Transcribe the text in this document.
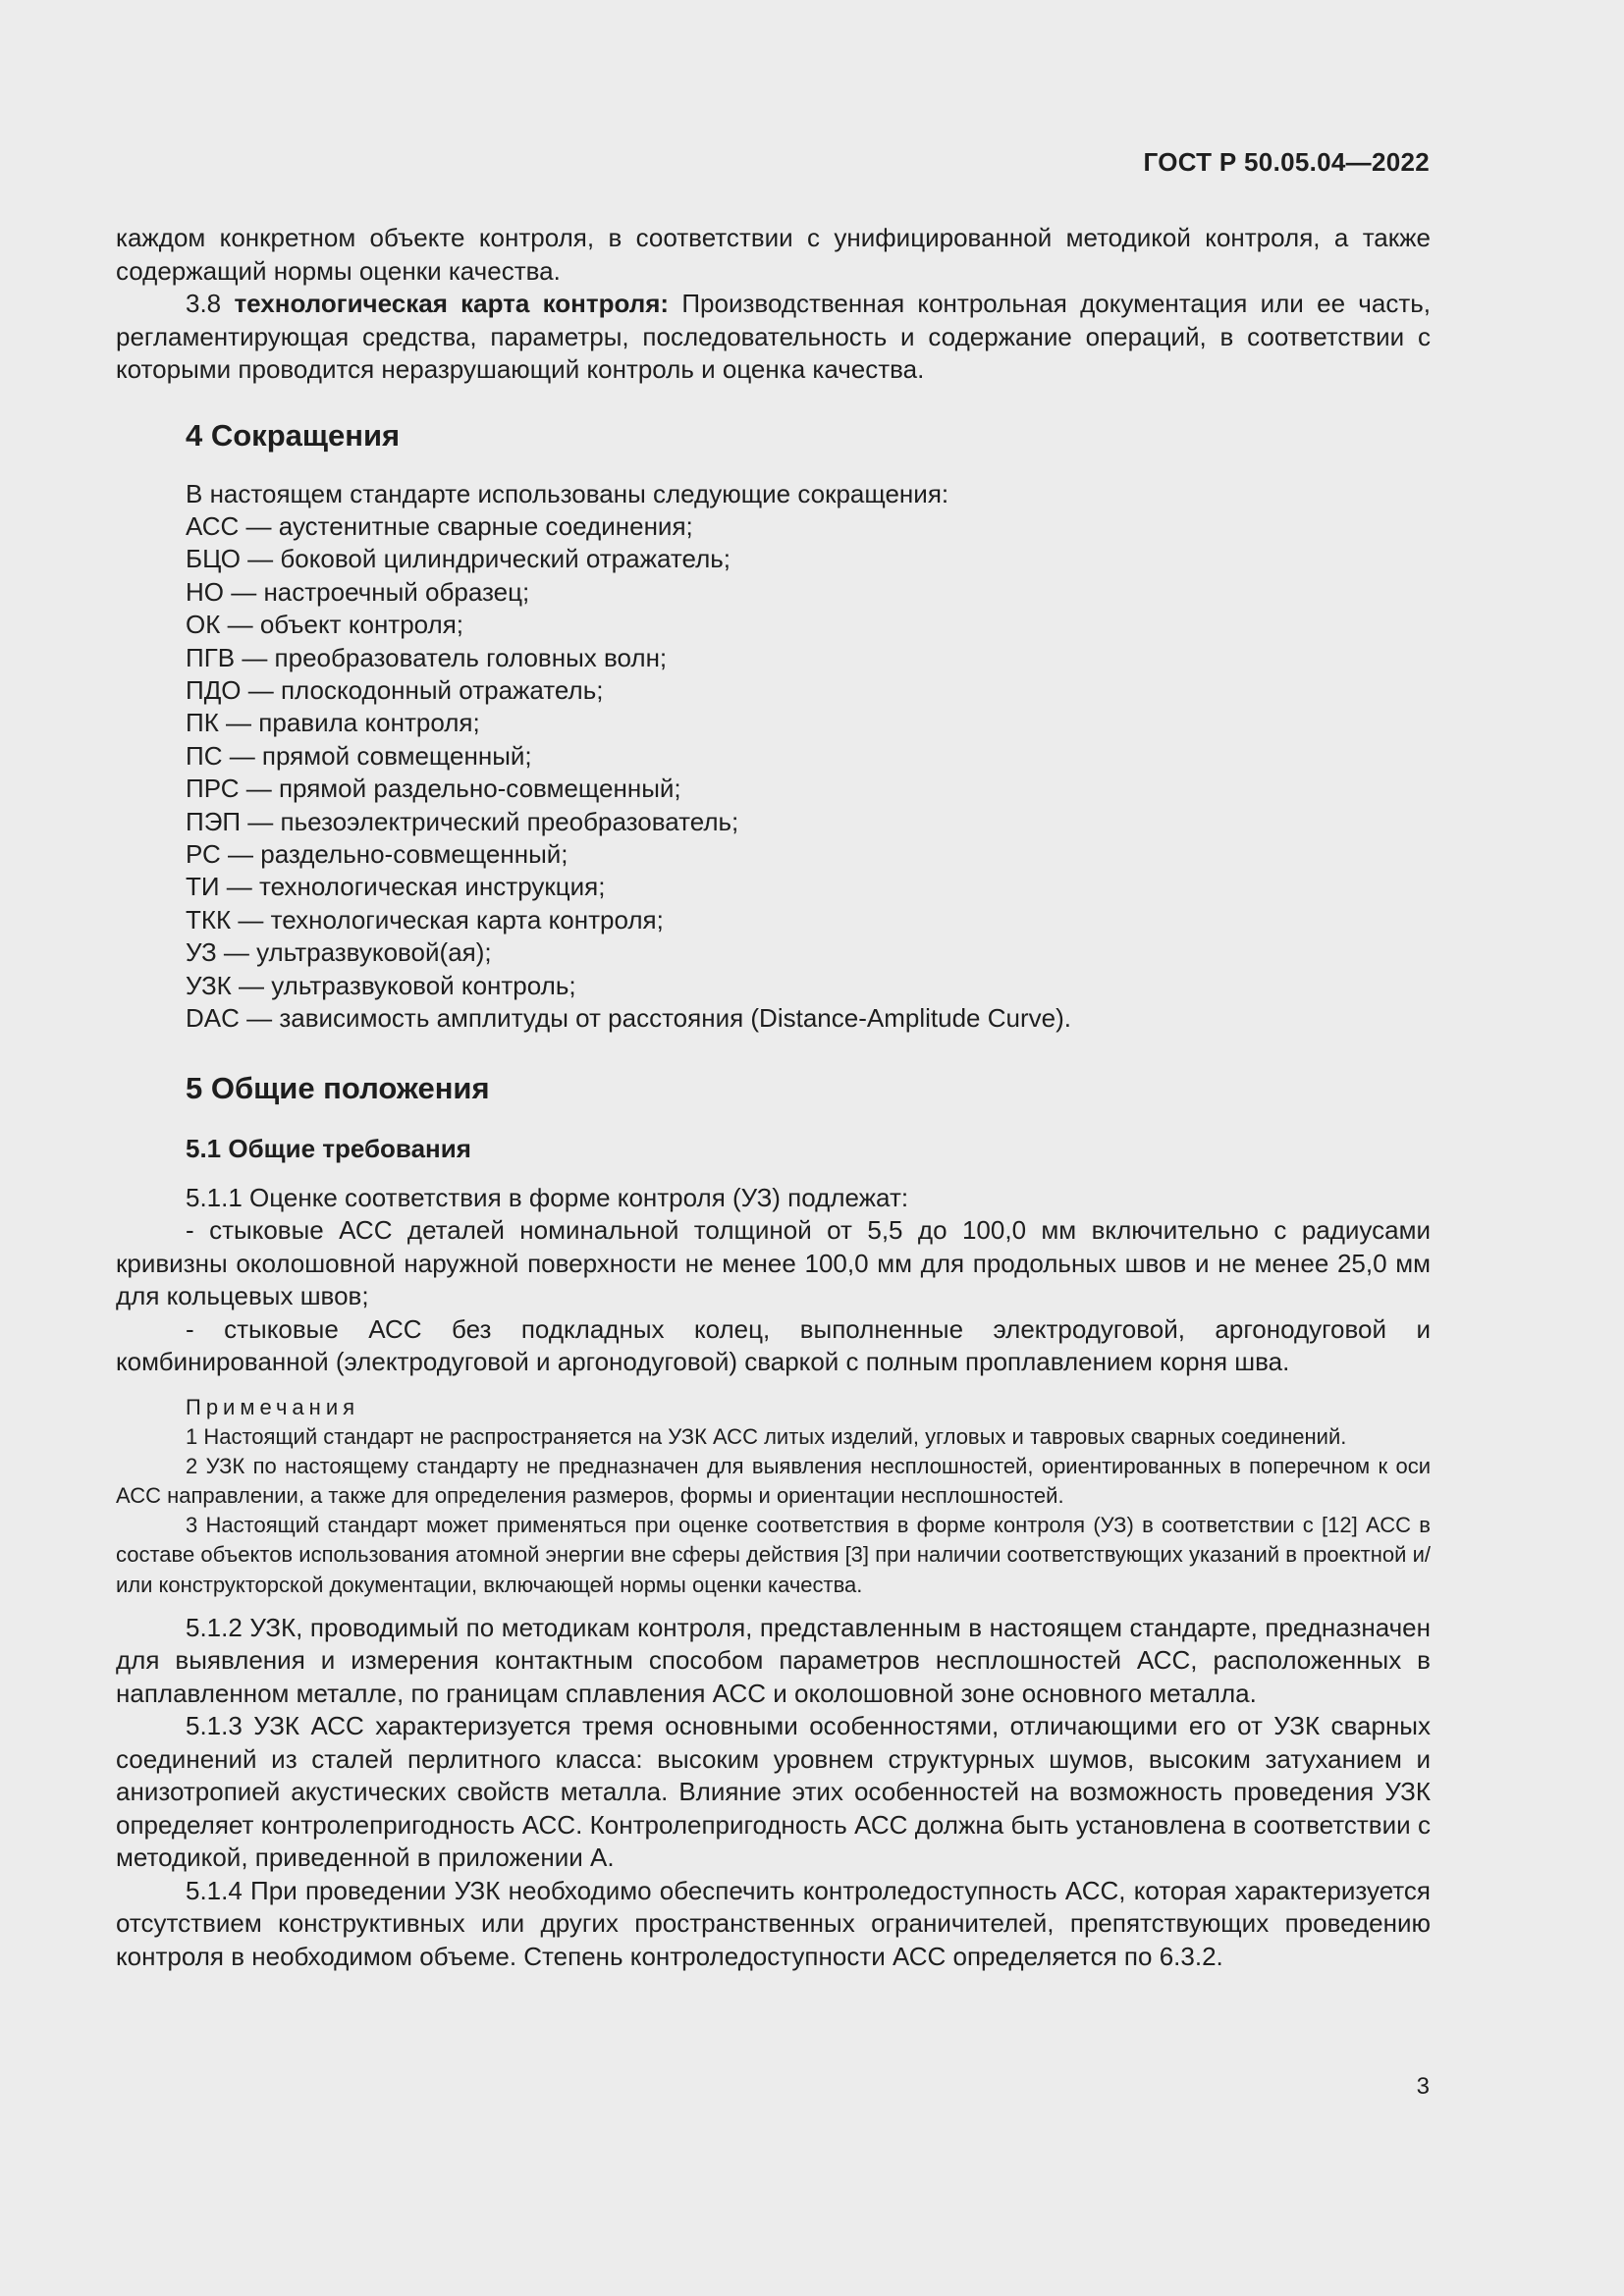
ГОСТ Р 50.05.04—2022

каждом конкретном объекте контроля, в соответствии с унифицированной методикой контроля, а также содержащий нормы оценки качества.

3.8 технологическая карта контроля: Производственная контрольная документация или ее часть, регламентирующая средства, параметры, последовательность и содержание операций, в соответствии с которыми проводится неразрушающий контроль и оценка качества.

4 Сокращения

В настоящем стандарте использованы следующие сокращения:

АСС — аустенитные сварные соединения;
БЦО — боковой цилиндрический отражатель;
НО — настроечный образец;
ОК — объект контроля;
ПГВ — преобразователь головных волн;
ПДО — плоскодонный отражатель;
ПК — правила контроля;
ПС — прямой совмещенный;
ПРС — прямой раздельно-совмещенный;
ПЭП — пьезоэлектрический преобразователь;
РС — раздельно-совмещенный;
ТИ — технологическая инструкция;
ТКК — технологическая карта контроля;
УЗ — ультразвуковой(ая);
УЗК — ультразвуковой контроль;
DAC — зависимость амплитуды от расстояния (Distance-Amplitude Curve).
5 Общие положения
5.1 Общие требования

5.1.1 Оценке соответствия в форме контроля (УЗ) подлежат:

- стыковые АСС деталей номинальной толщиной от 5,5 до 100,0 мм включительно с радиусами кривизны околошовной наружной поверхности не менее 100,0 мм для продольных швов и не менее 25,0 мм для кольцевых швов;

- стыковые АСС без подкладных колец, выполненные электродуговой, аргонодуговой и комбинированной (электродуговой и аргонодуговой) сваркой с полным проплавлением корня шва.

Примечания

1 Настоящий стандарт не распространяется на УЗК АСС литых изделий, угловых и тавровых сварных соединений.

2 УЗК по настоящему стандарту не предназначен для выявления несплошностей, ориентированных в поперечном к оси АСС направлении, а также для определения размеров, формы и ориентации несплошностей.

3 Настоящий стандарт может применяться при оценке соответствия в форме контроля (УЗ) в соответствии с [12] АСС в составе объектов использования атомной энергии вне сферы действия [3] при наличии соответствующих указаний в проектной и/или конструкторской документации, включающей нормы оценки качества.

5.1.2 УЗК, проводимый по методикам контроля, представленным в настоящем стандарте, предназначен для выявления и измерения контактным способом параметров несплошностей АСС, расположенных в наплавленном металле, по границам сплавления АСС и околошовной зоне основного металла.

5.1.3 УЗК АСС характеризуется тремя основными особенностями, отличающими его от УЗК сварных соединений из сталей перлитного класса: высоким уровнем структурных шумов, высоким затуханием и анизотропией акустических свойств металла. Влияние этих особенностей на возможность проведения УЗК определяет контролепригодность АСС. Контролепригодность АСС должна быть установлена в соответствии с методикой, приведенной в приложении А.

5.1.4 При проведении УЗК необходимо обеспечить контроледоступность АСС, которая характеризуется отсутствием конструктивных или других пространственных ограничителей, препятствующих проведению контроля в необходимом объеме. Степень контроледоступности АСС определяется по 6.3.2.

3
